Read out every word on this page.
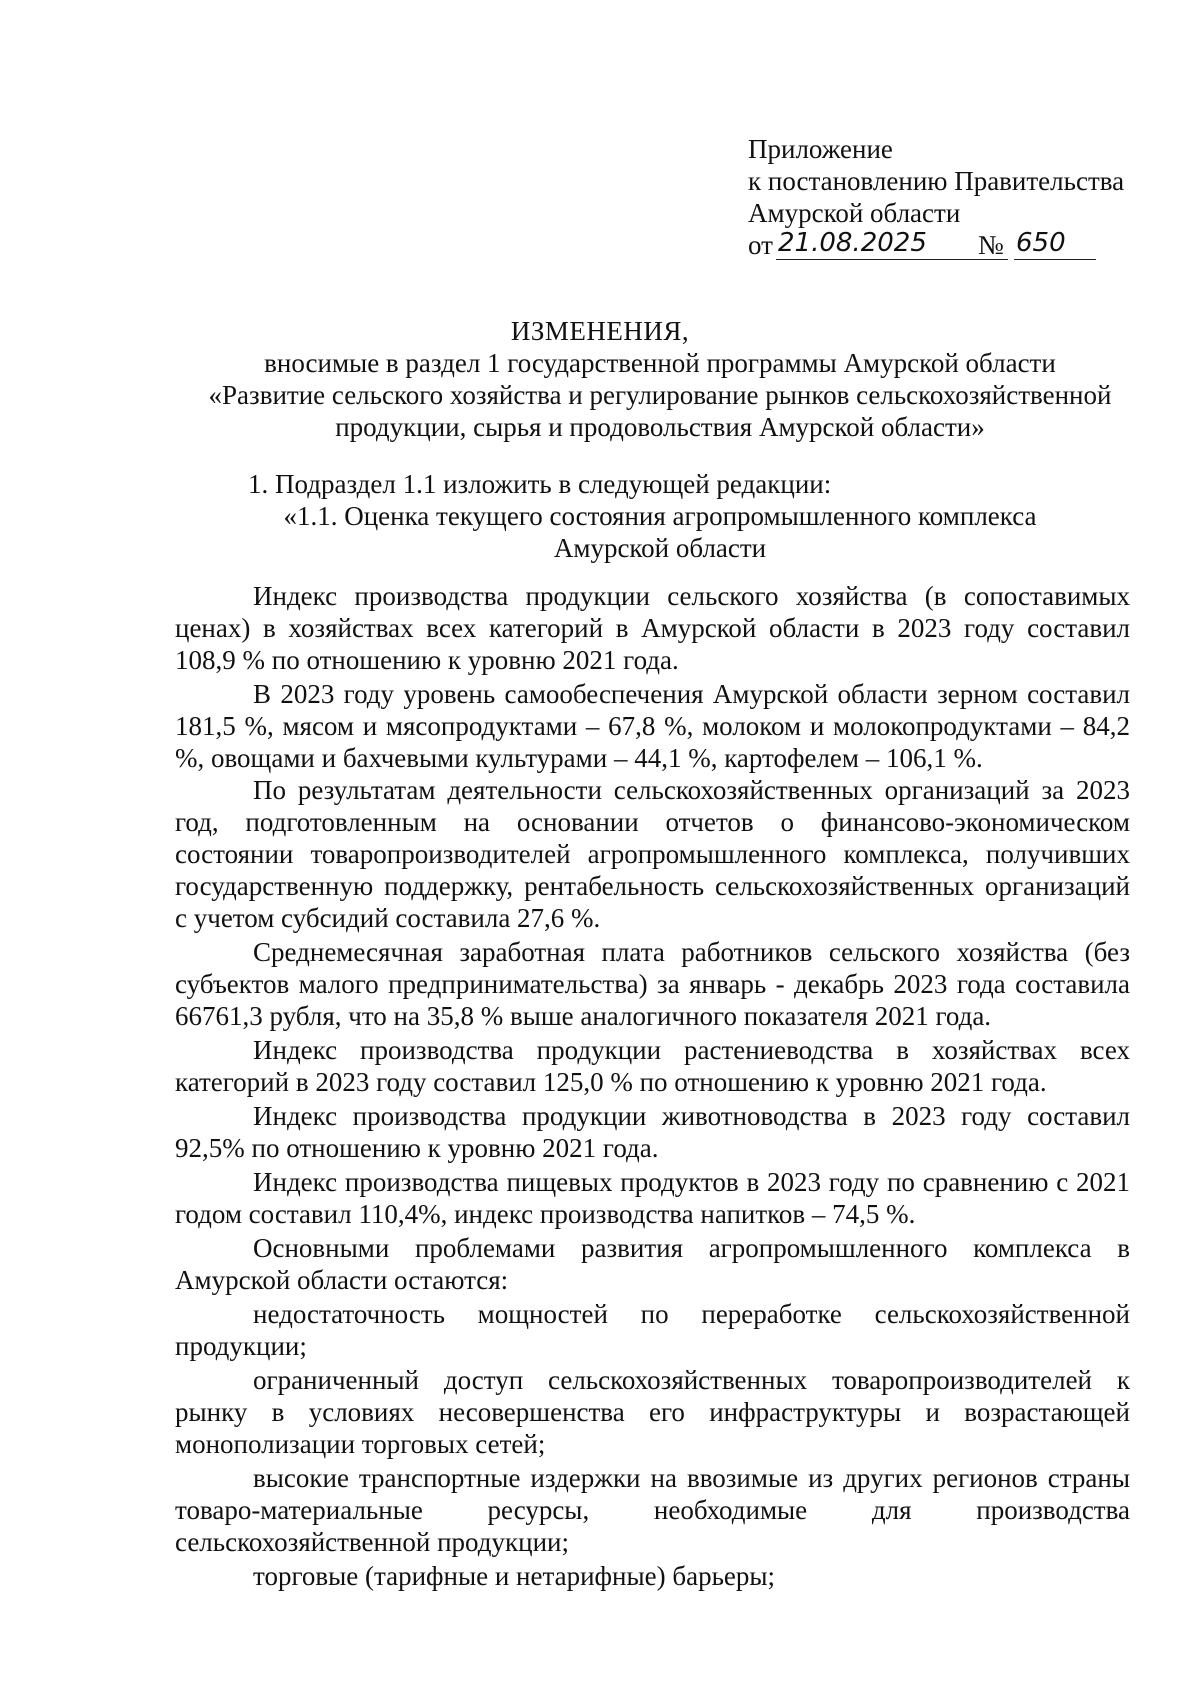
Приложение
к постановлению Правительства
Амурской области
от 21.08.2025	№ 650
ИЗМЕНЕНИЯ,
вносимые в раздел 1 государственной программы Амурской области
«Развитие сельского хозяйства и регулирование рынков сельскохозяйственной
продукции, сырья и продовольствия Амурской области»
1. Подраздел 1.1 изложить в следующей редакции:
«1.1. Оценка текущего состояния агропромышленного комплекса
Амурской области

Индекс производства продукции сельского хозяйства (в сопоставимых ценах) в хозяйствах всех категорий в Амурской области в 2023 году составил 108,9 % по отношению к уровню 2021 года.

В 2023 году уровень самообеспечения Амурской области зерном составил 181,5 %, мясом и мясопродуктами – 67,8 %, молоком и молокопродуктами – 84,2 %, овощами и бахчевыми культурами – 44,1 %, картофелем – 106,1 %.

По результатам деятельности сельскохозяйственных организаций за 2023 год, подготовленным на основании отчетов о финансово-экономическом состоянии товаропроизводителей агропромышленного комплекса, получивших государственную поддержку, рентабельность сельскохозяйственных организаций с учетом субсидий составила 27,6 %.

Среднемесячная заработная плата работников сельского хозяйства (без субъектов малого предпринимательства) за январь - декабрь 2023 года составила 66761,3 рубля, что на 35,8 % выше аналогичного показателя 2021 года.

Индекс производства продукции растениеводства в хозяйствах всех категорий в 2023 году составил 125,0 % по отношению к уровню 2021 года.

Индекс производства продукции животноводства в 2023 году составил 92,5% по отношению к уровню 2021 года.

Индекс производства пищевых продуктов в 2023 году по сравнению с 2021 годом составил 110,4%, индекс производства напитков – 74,5 %.

Основными проблемами развития агропромышленного комплекса в Амурской области остаются:

недостаточность мощностей по переработке сельскохозяйственной продукции;

ограниченный доступ сельскохозяйственных товаропроизводителей к рынку в условиях несовершенства его инфраструктуры и возрастающей монополизации торговых сетей;

высокие транспортные издержки на ввозимые из других регионов страны товаро-материальные ресурсы, необходимые для производства сельскохозяйственной продукции;

торговые (тарифные и нетарифные) барьеры;
